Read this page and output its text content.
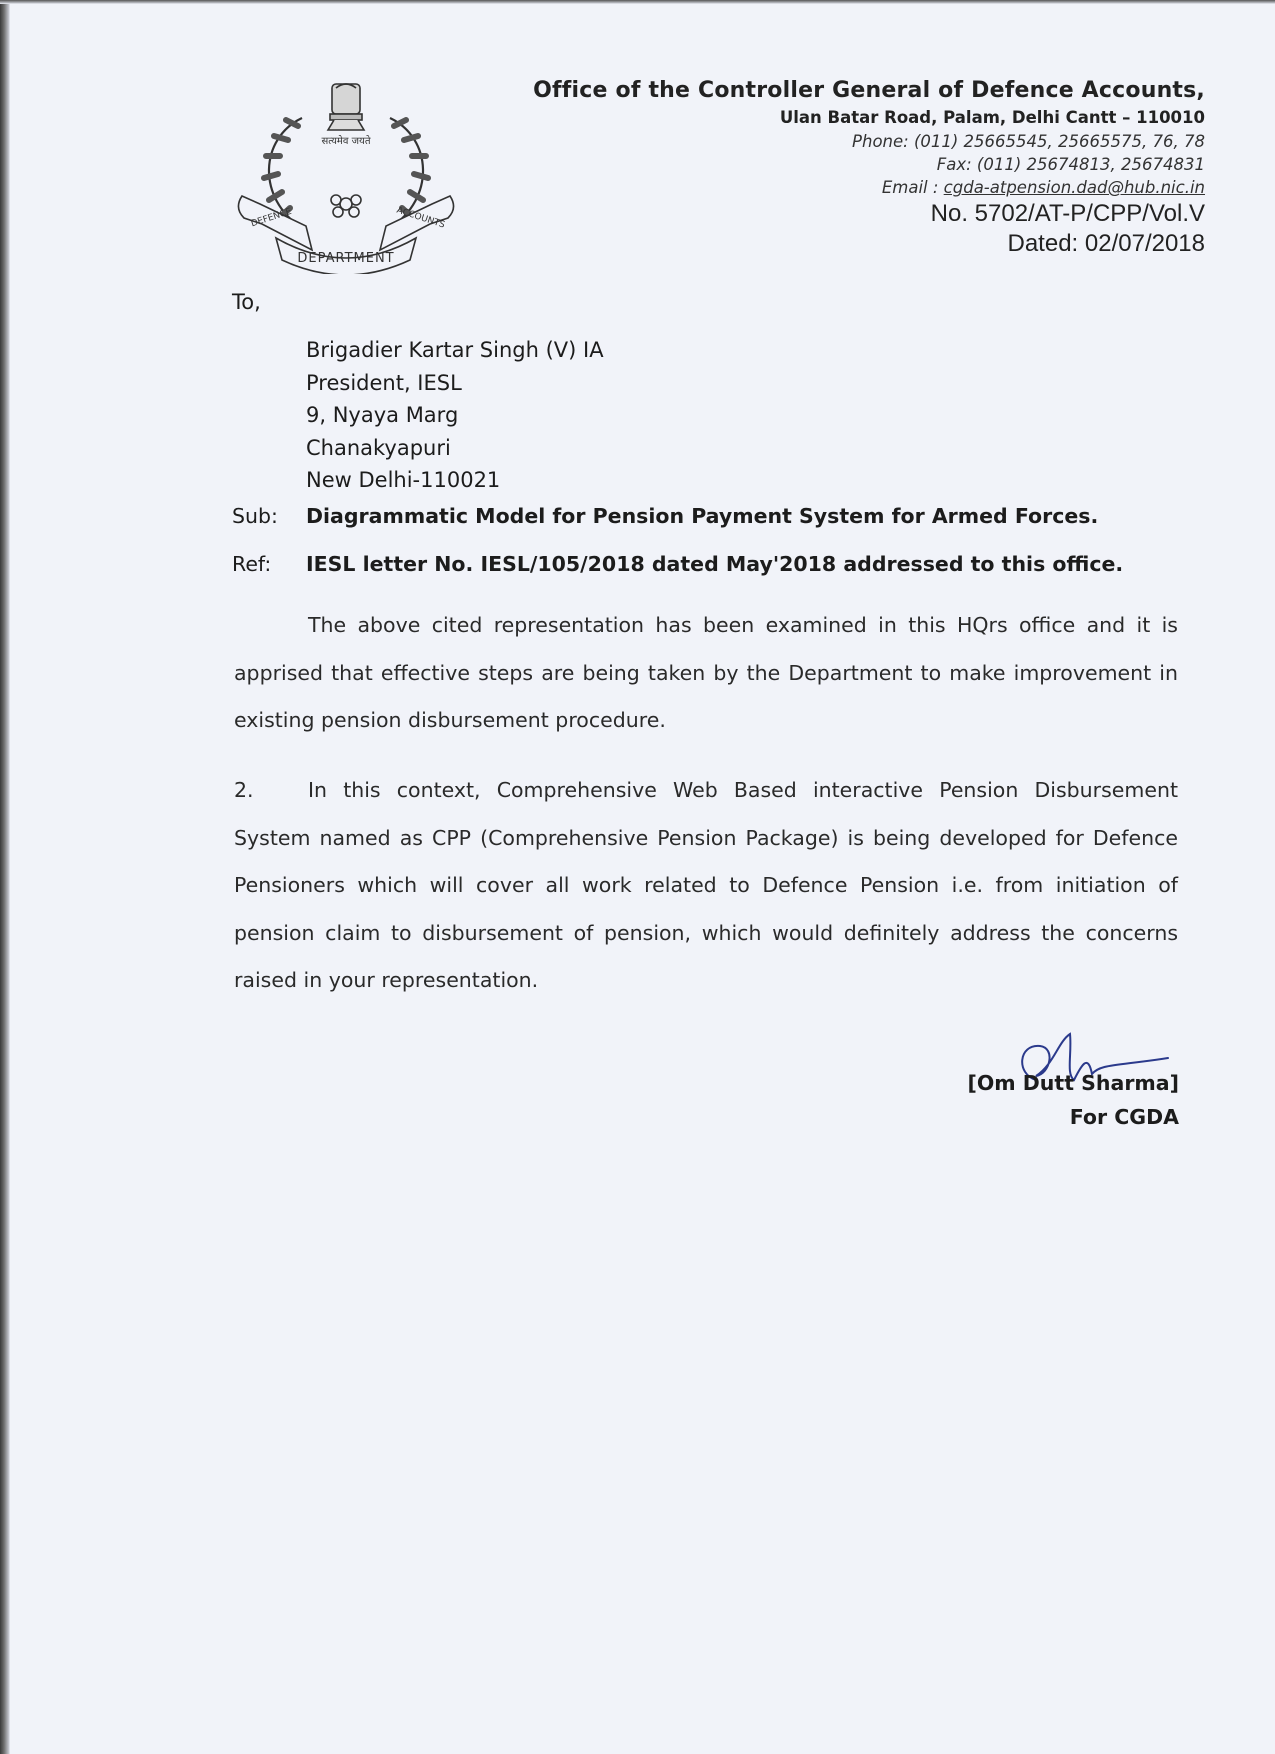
सत्यमेव जयते
DEFENCE	ACCOUNTS
DEPARTMENT
Office of the Controller General of Defence Accounts,
Ulan Batar Road, Palam, Delhi Cantt – 110010
Phone: (011) 25665545, 25665575, 76, 78
Fax: (011) 25674813, 25674831
Email : cgda-atpension.dad@hub.nic.in
No. 5702/AT-P/CPP/Vol.V
Dated: 02/07/2018
To,
Brigadier Kartar Singh (V) IA
President, IESL
9, Nyaya Marg
Chanakyapuri
New Delhi-110021
Sub: Diagrammatic Model for Pension Payment System for Armed Forces.
Ref: IESL letter No. IESL/105/2018 dated May'2018 addressed to this office.
The above cited representation has been examined in this HQrs office and it is apprised that effective steps are being taken by the Department to make improvement in existing pension disbursement procedure.
2.	In this context, Comprehensive Web Based interactive Pension Disbursement System named as CPP (Comprehensive Pension Package) is being developed for Defence Pensioners which will cover all work related to Defence Pension i.e. from initiation of pension claim to disbursement of pension, which would definitely address the concerns raised in your representation.
[Om Dutt Sharma]
For CGDA
